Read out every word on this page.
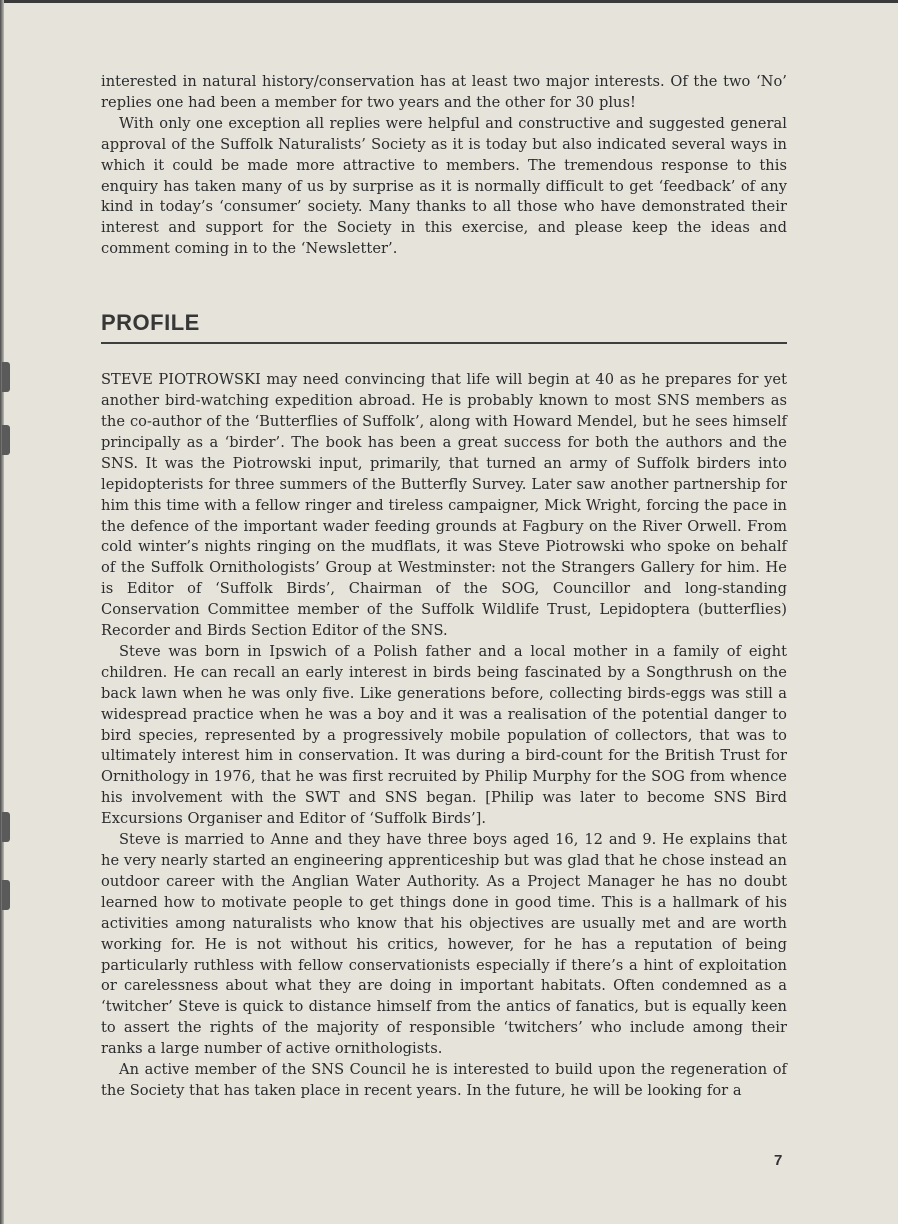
interested in natural history/conservation has at least two major interests. Of the two ‘No’ replies one had been a member for two years and the other for 30 plus!

With only one exception all replies were helpful and constructive and suggested general approval of the Suffolk Naturalists’ Society as it is today but also indicated several ways in which it could be made more attractive to members. The tremendous response to this enquiry has taken many of us by surprise as it is normally difficult to get ‘feedback’ of any kind in today’s ‘consumer’ society. Many thanks to all those who have demonstrated their interest and support for the Society in this exercise, and please keep the ideas and comment coming in to the ‘Newsletter’.

PROFILE

STEVE PIOTROWSKI may need convincing that life will begin at 40 as he prepares for yet another bird-watching expedition abroad. He is probably known to most SNS members as the co-author of the ‘Butterflies of Suffolk’, along with Howard Mendel, but he sees himself principally as a ‘birder’. The book has been a great success for both the authors and the SNS. It was the Piotrowski input, primarily, that turned an army of Suffolk birders into lepidopterists for three summers of the Butterfly Survey. Later saw another partnership for him this time with a fellow ringer and tireless campaigner, Mick Wright, forcing the pace in the defence of the important wader feeding grounds at Fagbury on the River Orwell. From cold winter’s nights ringing on the mudflats, it was Steve Piotrowski who spoke on behalf of the Suffolk Ornithologists’ Group at Westminster: not the Strangers Gallery for him. He is Editor of ‘Suffolk Birds’, Chairman of the SOG, Councillor and long-standing Conservation Committee member of the Suffolk Wildlife Trust, Lepidoptera (butterflies) Recorder and Birds Section Editor of the SNS.

Steve was born in Ipswich of a Polish father and a local mother in a family of eight children. He can recall an early interest in birds being fascinated by a Songthrush on the back lawn when he was only five. Like generations before, collecting birds-eggs was still a widespread practice when he was a boy and it was a realisation of the potential danger to bird species, represented by a progressively mobile population of collectors, that was to ultimately interest him in conservation. It was during a bird-count for the British Trust for Ornithology in 1976, that he was first recruited by Philip Murphy for the SOG from whence his involvement with the SWT and SNS began. [Philip was later to become SNS Bird Excursions Organiser and Editor of ‘Suffolk Birds’].

Steve is married to Anne and they have three boys aged 16, 12 and 9. He explains that he very nearly started an engineering apprenticeship but was glad that he chose instead an outdoor career with the Anglian Water Authority. As a Project Manager he has no doubt learned how to motivate people to get things done in good time. This is a hallmark of his activities among naturalists who know that his objectives are usually met and are worth working for. He is not without his critics, however, for he has a reputation of being particularly ruthless with fellow conservationists especially if there’s a hint of exploitation or carelessness about what they are doing in important habitats. Often condemned as a ‘twitcher’ Steve is quick to distance himself from the antics of fanatics, but is equally keen to assert the rights of the majority of responsible ‘twitchers’ who include among their ranks a large number of active ornithologists.

An active member of the SNS Council he is interested to build upon the regeneration of the Society that has taken place in recent years. In the future, he will be looking for a

7
